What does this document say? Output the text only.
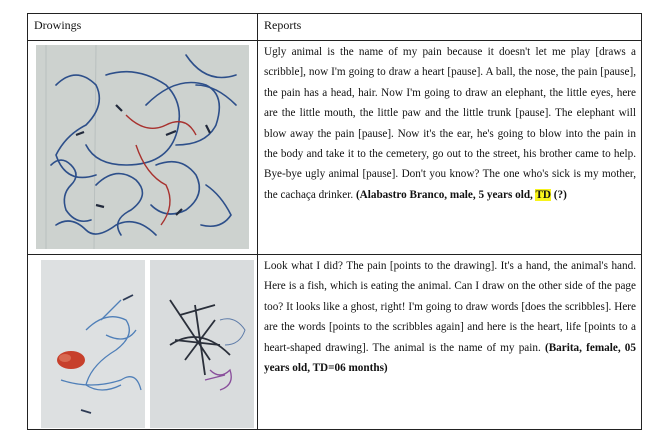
Drowings	Reports

	Ugly animal is the name of my pain because it doesn't let me play [draws a scribble], now I'm going to draw a heart [pause]. A ball, the nose, the pain [pause], the pain has a head, hair. Now I'm going to draw an elephant, the little eyes, here are the little mouth, the little paw and the little trunk [pause]. The elephant will blow away the pain [pause]. Now it's the ear, he's going to blow into the pain in the body and take it to the cemetery, go out to the street, his brother came to help. Bye-bye ugly animal [pause]. Don't you know? The one who's sick is my mother, the cachaça drinker. (Alabastro Branco, male, 5 years old, TD (?)

	Look what I did? The pain [points to the drawing]. It's a hand, the animal's hand. Here is a fish, which is eating the animal. Can I draw on the other side of the page too? It looks like a ghost, right! I'm going to draw words [does the scribbles]. Here are the words [points to the scribbles again] and here is the heart, life [points to a heart-shaped drawing]. The animal is the name of my pain. (Barita, female, 05 years old, TD=06 months)
